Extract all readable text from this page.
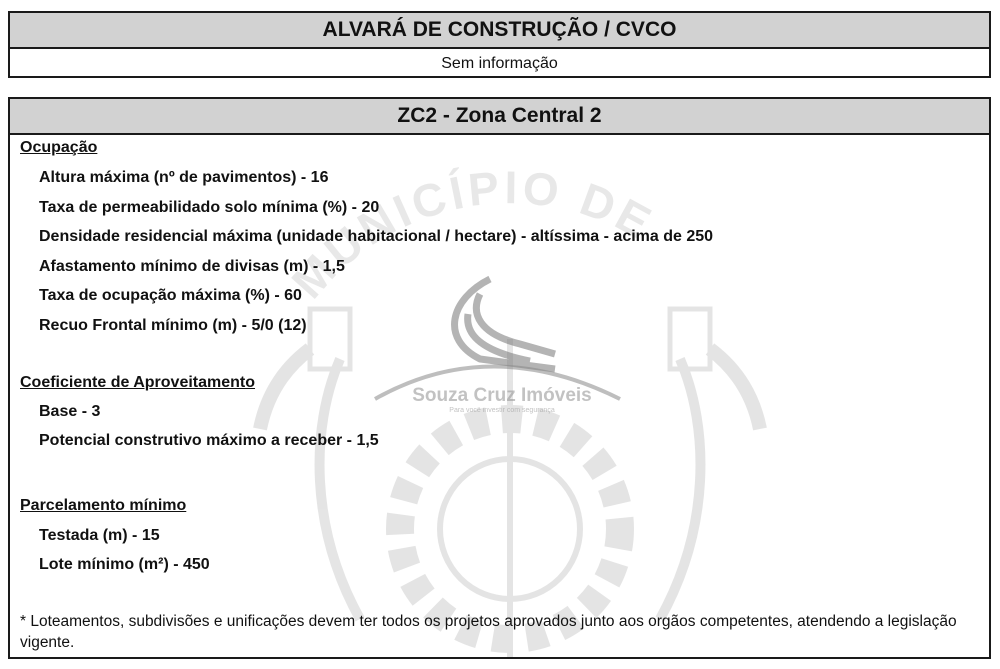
ALVARÁ DE CONSTRUÇÃO / CVCO
Sem informação
ZC2 - Zona Central 2
MUNICÍPIO DE
Souza Cruz Imóveis
Para você investir com segurança
Ocupação
Altura máxima (nº de pavimentos) - 16
Taxa de permeabilidado solo mínima (%) - 20
Densidade residencial máxima (unidade habitacional / hectare) - altíssima - acima de 250
Afastamento mínimo de divisas (m) - 1,5
Taxa de ocupação máxima (%) - 60
Recuo Frontal mínimo (m) - 5/0 (12)
Coeficiente de Aproveitamento
Base - 3
Potencial construtivo máximo a receber - 1,5
Parcelamento mínimo
Testada (m) - 15
Lote mínimo (m²) - 450
* Loteamentos, subdivisões e unificações devem ter todos os projetos aprovados junto aos orgãos competentes, atendendo a legislação vigente.
